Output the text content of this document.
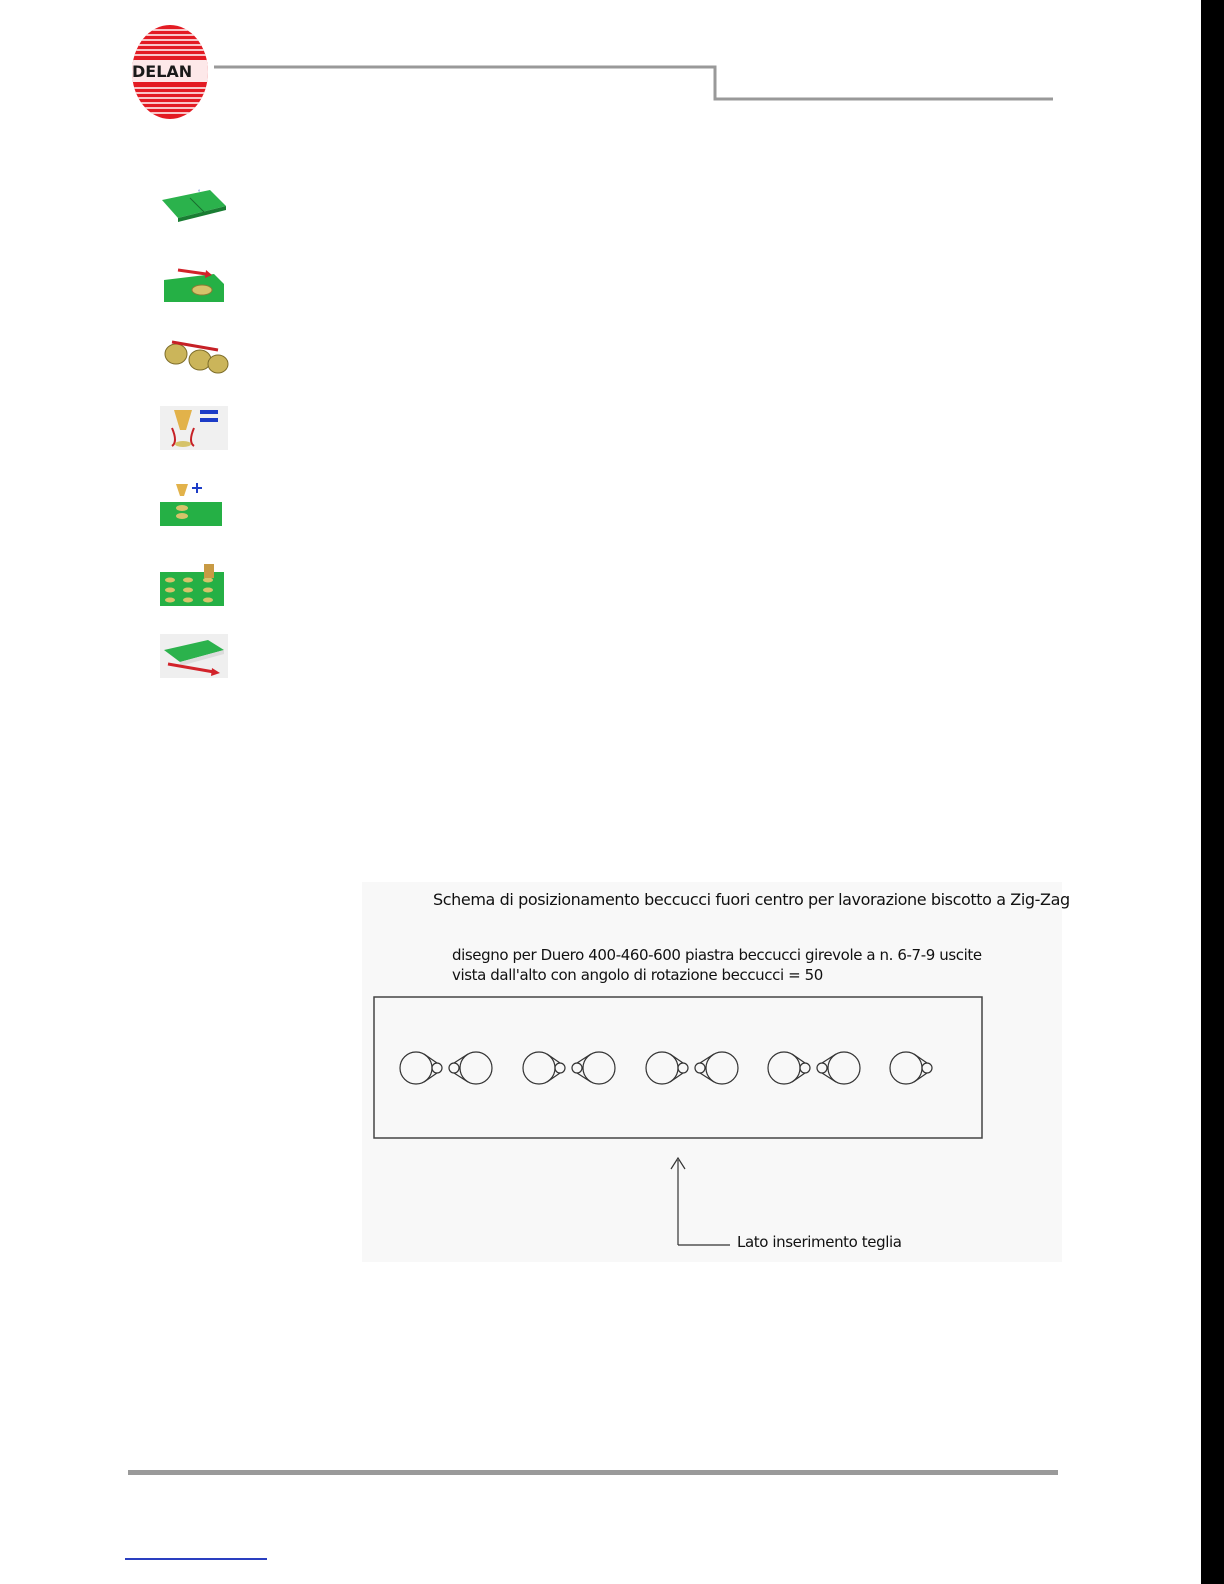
DELAN
°
Schema di posizionamento beccucci fuori centro per lavorazione biscotto a Zig-Zag
disegno per Duero 400-460-600 piastra beccucci girevole a n. 6-7-9 uscite
vista dall'alto con angolo di rotazione beccucci = 50
Lato inserimento teglia
